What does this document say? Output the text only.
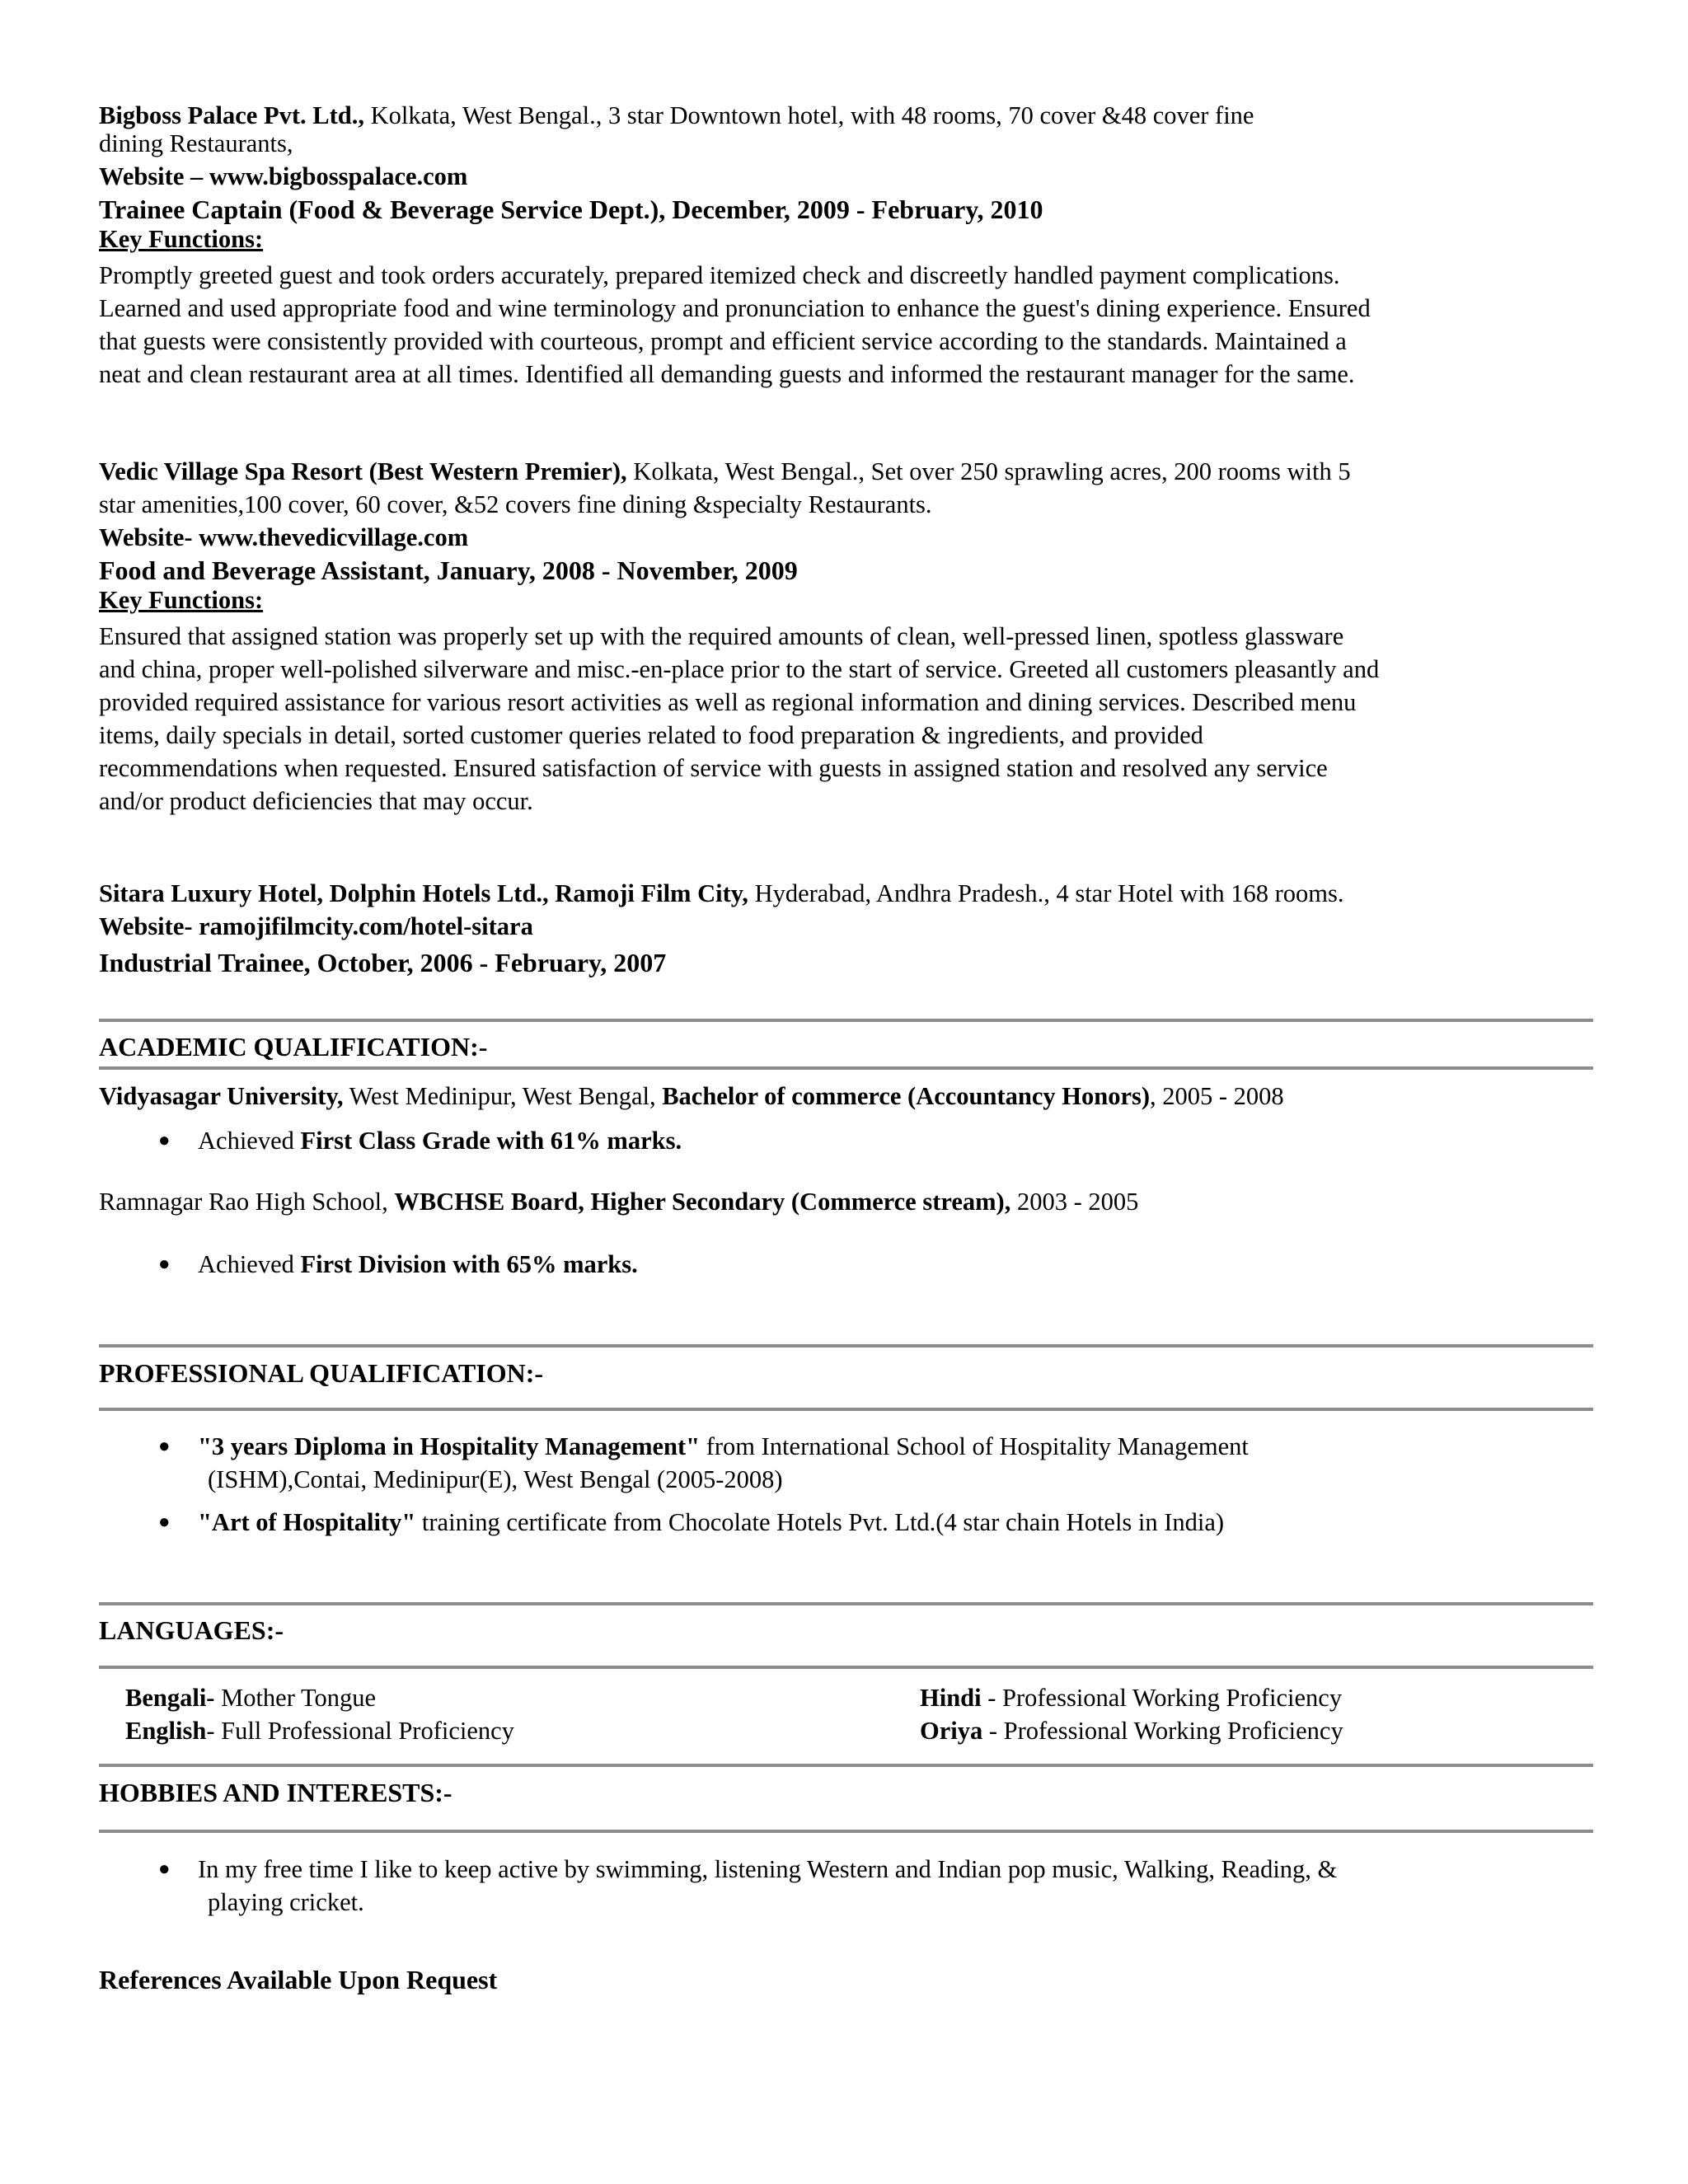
Bigboss Palace Pvt. Ltd., Kolkata, West Bengal., 3 star Downtown hotel, with 48 rooms, 70 cover &48 cover fine

dining Restaurants,

Website – www.bigbosspalace.com

Trainee Captain (Food & Beverage Service Dept.), December, 2009 - February, 2010

Key Functions:

Promptly greeted guest and took orders accurately, prepared itemized check and discreetly handled payment complications.

Learned and used appropriate food and wine terminology and pronunciation to enhance the guest's dining experience. Ensured

that guests were consistently provided with courteous, prompt and efficient service according to the standards. Maintained a

neat and clean restaurant area at all times. Identified all demanding guests and informed the restaurant manager for the same.

Vedic Village Spa Resort (Best Western Premier), Kolkata, West Bengal., Set over 250 sprawling acres, 200 rooms with 5

star amenities,100 cover, 60 cover, &52 covers fine dining &specialty Restaurants.

Website- www.thevedicvillage.com

Food and Beverage Assistant, January, 2008 - November, 2009

Key Functions:

Ensured that assigned station was properly set up with the required amounts of clean, well-pressed linen, spotless glassware

and china, proper well-polished silverware and misc.-en-place prior to the start of service. Greeted all customers pleasantly and

provided required assistance for various resort activities as well as regional information and dining services. Described menu

items, daily specials in detail, sorted customer queries related to food preparation & ingredients, and provided

recommendations when requested. Ensured satisfaction of service with guests in assigned station and resolved any service

and/or product deficiencies that may occur.

Sitara Luxury Hotel, Dolphin Hotels Ltd., Ramoji Film City, Hyderabad, Andhra Pradesh., 4 star Hotel with 168 rooms.

Website- ramojifilmcity.com/hotel-sitara

Industrial Trainee, October, 2006 - February, 2007

ACADEMIC QUALIFICATION:-

Vidyasagar University, West Medinipur, West Bengal, Bachelor of commerce (Accountancy Honors), 2005 - 2008

● Achieved First Class Grade with 61% marks.

Ramnagar Rao High School, WBCHSE Board, Higher Secondary (Commerce stream), 2003 - 2005

● Achieved First Division with 65% marks.
PROFESSIONAL QUALIFICATION:-
● "3 years Diploma in Hospitality Management" from International School of Hospitality Management
(ISHM),Contai, Medinipur(E), West Bengal (2005-2008)
● "Art of Hospitality" training certificate from Chocolate Hotels Pvt. Ltd.(4 star chain Hotels in India)
LANGUAGES:-
Bengali- Mother Tongue
English- Full Professional Proficiency
Hindi - Professional Working Proficiency
Oriya - Professional Working Proficiency
HOBBIES AND INTERESTS:-
● In my free time I like to keep active by swimming, listening Western and Indian pop music, Walking, Reading, &
playing cricket.
References Available Upon Request
